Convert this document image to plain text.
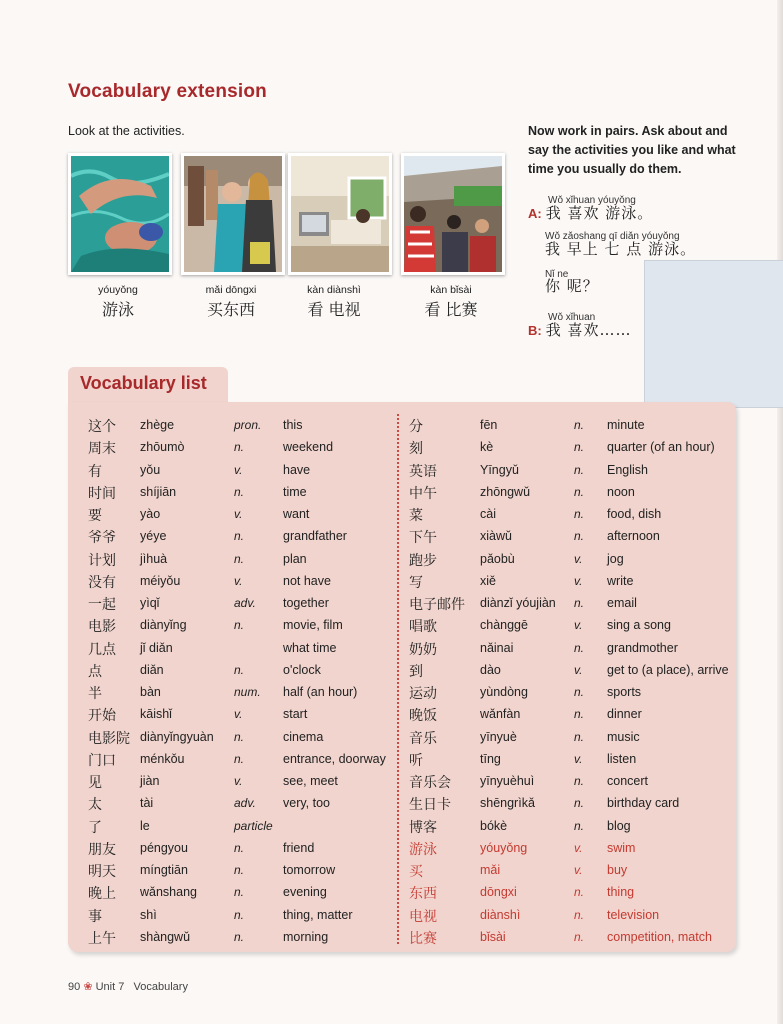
Vocabulary extension
Look at the activities.	Now work in pairs. Ask about and say the activities you like and what time you usually do them.
yóuyǒng
游泳
mǎi dōngxi
买东西
kàn diànshì
看 电视
kàn bǐsài
看 比赛
Wǒ xǐhuan yóuyǒng
A: 我 喜欢 游泳。
Wǒ zǎoshang qī diǎn yóuyǒng
我 早上 七 点 游泳。
Nǐ ne
你 呢？
Wǒ xǐhuan
B: 我 喜欢……
Vocabulary list
这个 zhège	pron. this
周末 zhōumò	n.	weekend
有	yǒu	v.	have
时间 shíjiān	n.	time
要	yào	v.	want
爷爷 yéye	n.	grandfather
计划 jìhuà	n.	plan
没有 méiyǒu	v.	not have
一起 yìqǐ	adv. together
电影 diànyǐng	n.	movie, film
几点 jǐ diǎn	what time
点	diǎn	n.	o'clock
半	bàn	num. half (an hour)
开始 kāishǐ	v.	start
电影院 diànyǐngyuàn n.	cinema
门口 ménkǒu	n.	entrance, doorway
见	jiàn	v.	see, meet
太	tài	adv. very, too
了	le	particle
朋友 péngyou	n.	friend
明天 míngtiān	n.	tomorrow
晚上 wǎnshang	n.	evening
事	shì	n.	thing, matter
上午 shàngwǔ	n.	morning
分	fēn	n. minute
刻	kè	n. quarter (of an hour)
英语	Yīngyǔ	n. English
中午	zhōngwǔ	n. noon
菜	cài	n. food, dish
下午	xiàwǔ	n. afternoon
跑步	pǎobù	v. jog
写	xiě	v. write
电子邮件 diànzǐ yóujiàn n. email
唱歌	chànggē	v. sing a song
奶奶	nǎinai	n. grandmother
到	dào	v. get to (a place), arrive
运动	yùndòng	n. sports
晚饭	wǎnfàn	n. dinner
音乐	yīnyuè	n. music
听	tīng	v. listen
音乐会 yīnyuèhuì	n. concert
生日卡 shēngrìkǎ	n. birthday card
博客	bókè	n. blog
游泳	yóuyǒng	v. swim
买	mǎi	v. buy
东西	dōngxi	n. thing
电视	diànshì	n. television
比赛	bǐsài	n. competition, match
90 ❀ Unit 7 Vocabulary
